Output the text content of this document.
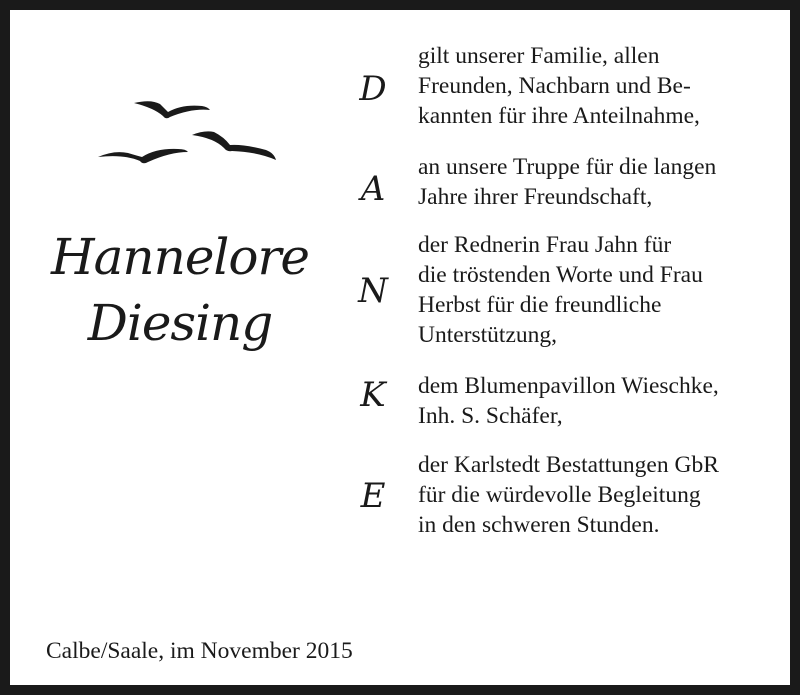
Hannelore
Diesing
D
gilt unserer Familie, allen
Freunden, Nachbarn und Be-
kannten für ihre Anteilnahme,
A
an unsere Truppe für die langen
Jahre ihrer Freundschaft,
N
der Rednerin Frau Jahn für
die tröstenden Worte und Frau
Herbst für die freundliche
Unterstützung,
K	dem Blumenpavillon Wieschke,
Inh. S. Schäfer,
E
der Karlstedt Bestattungen GbR
für die würdevolle Begleitung
in den schweren Stunden.
Calbe/Saale, im November 2015
